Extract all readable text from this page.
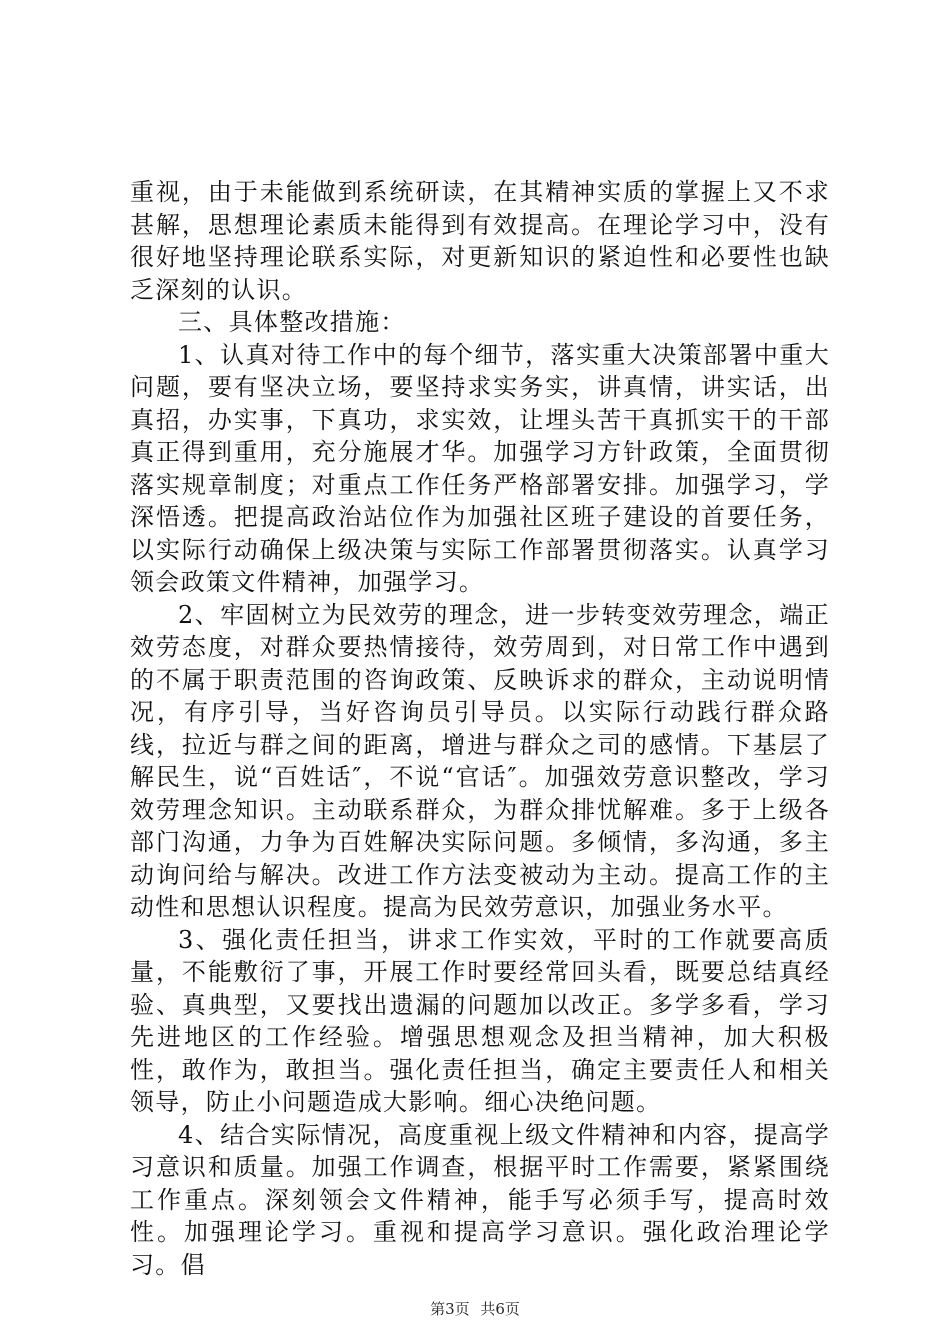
重视，由于未能做到系统研读，在其精神实质的掌握上又不求甚解，思想理论素质未能得到有效提高。在理论学习中，没有很好地坚持理论联系实际，对更新知识的紧迫性和必要性也缺乏深刻的认识。

三、具体整改措施：

1、认真对待工作中的每个细节，落实重大决策部署中重大问题，要有坚决立场，要坚持求实务实，讲真情，讲实话，出真招，办实事，下真功，求实效，让埋头苦干真抓实干的干部真正得到重用，充分施展才华。加强学习方针政策，全面贯彻落实规章制度；对重点工作任务严格部署安排。加强学习，学深悟透。把提高政治站位作为加强社区班子建设的首要任务，以实际行动确保上级决策与实际工作部署贯彻落实。认真学习领会政策文件精神，加强学习。

2、牢固树立为民效劳的理念，进一步转变效劳理念，端正效劳态度，对群众要热情接待，效劳周到，对日常工作中遇到的不属于职责范围的咨询政策、反映诉求的群众，主动说明情况，有序引导，当好咨询员引导员。以实际行动践行群众路线，拉近与群之间的距离，增进与群众之司的感情。下基层了解民生，说“百姓话″，不说“官话″。加强效劳意识整改，学习效劳理念知识。主动联系群众，为群众排忧解难。多于上级各部门沟通，力争为百姓解决实际问题。多倾情，多沟通，多主动询问给与解决。改进工作方法变被动为主动。提高工作的主动性和思想认识程度。提高为民效劳意识，加强业务水平。

3、强化责任担当，讲求工作实效，平时的工作就要高质量，不能敷衍了事，开展工作时要经常回头看，既要总结真经验、真典型，又要找出遗漏的问题加以改正。多学多看，学习先进地区的工作经验。增强思想观念及担当精神，加大积极性，敢作为，敢担当。强化责任担当，确定主要责任人和相关领导，防止小问题造成大影响。细心决绝问题。

4、结合实际情况，高度重视上级文件精神和内容，提高学习意识和质量。加强工作调查，根据平时工作需要，紧紧围绕工作重点。深刻领会文件精神，能手写必须手写，提高时效性。加强理论学习。重视和提高学习意识。强化政治理论学习。倡

第3页 共6页
